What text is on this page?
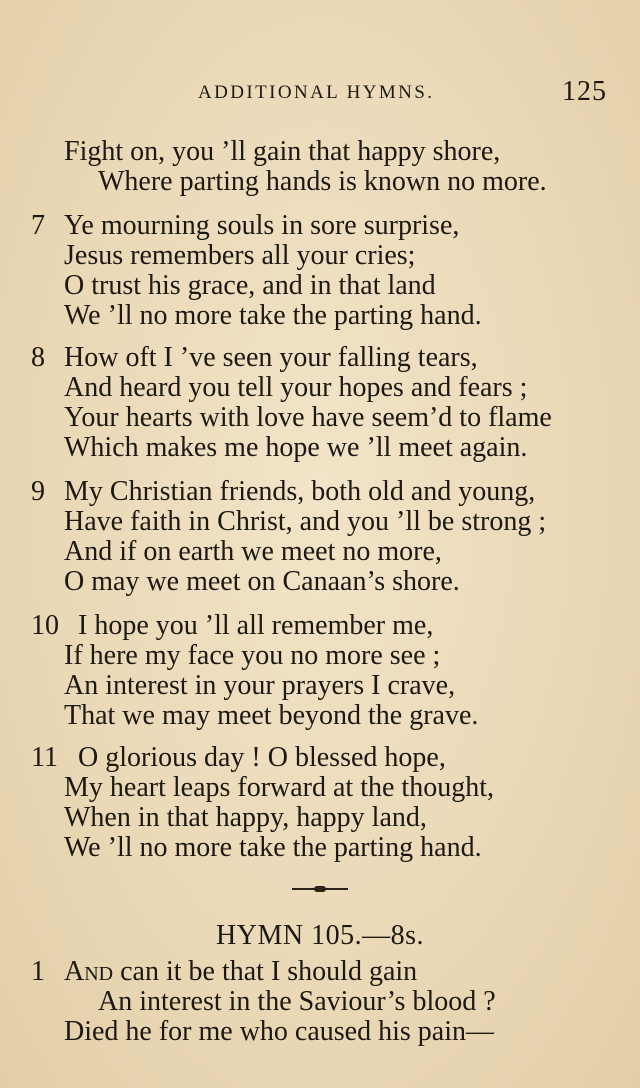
ADDITIONAL HYMNS.	125
Fight on, you ’ll gain that happy shore,
Where parting hands is known no more.
7 Ye mourning souls in sore surprise,
Jesus remembers all your cries;
O trust his grace, and in that land
We ’ll no more take the parting hand.
8 How oft I ’ve seen your falling tears,
And heard you tell your hopes and fears ;
Your hearts with love have seem’d to flame
Which makes me hope we ’ll meet again.
9 My Christian friends, both old and young,
Have faith in Christ, and you ’ll be strong ;
And if on earth we meet no more,
O may we meet on Canaan’s shore.
10 I hope you ’ll all remember me,
If here my face you no more see ;
An interest in your prayers I crave,
That we may meet beyond the grave.
11 O glorious day ! O blessed hope,
My heart leaps forward at the thought,
When in that happy, happy land,
We ’ll no more take the parting hand.
HYMN 105.—8s.
1 And can it be that I should gain
An interest in the Saviour’s blood ?
Died he for me who caused his pain—
